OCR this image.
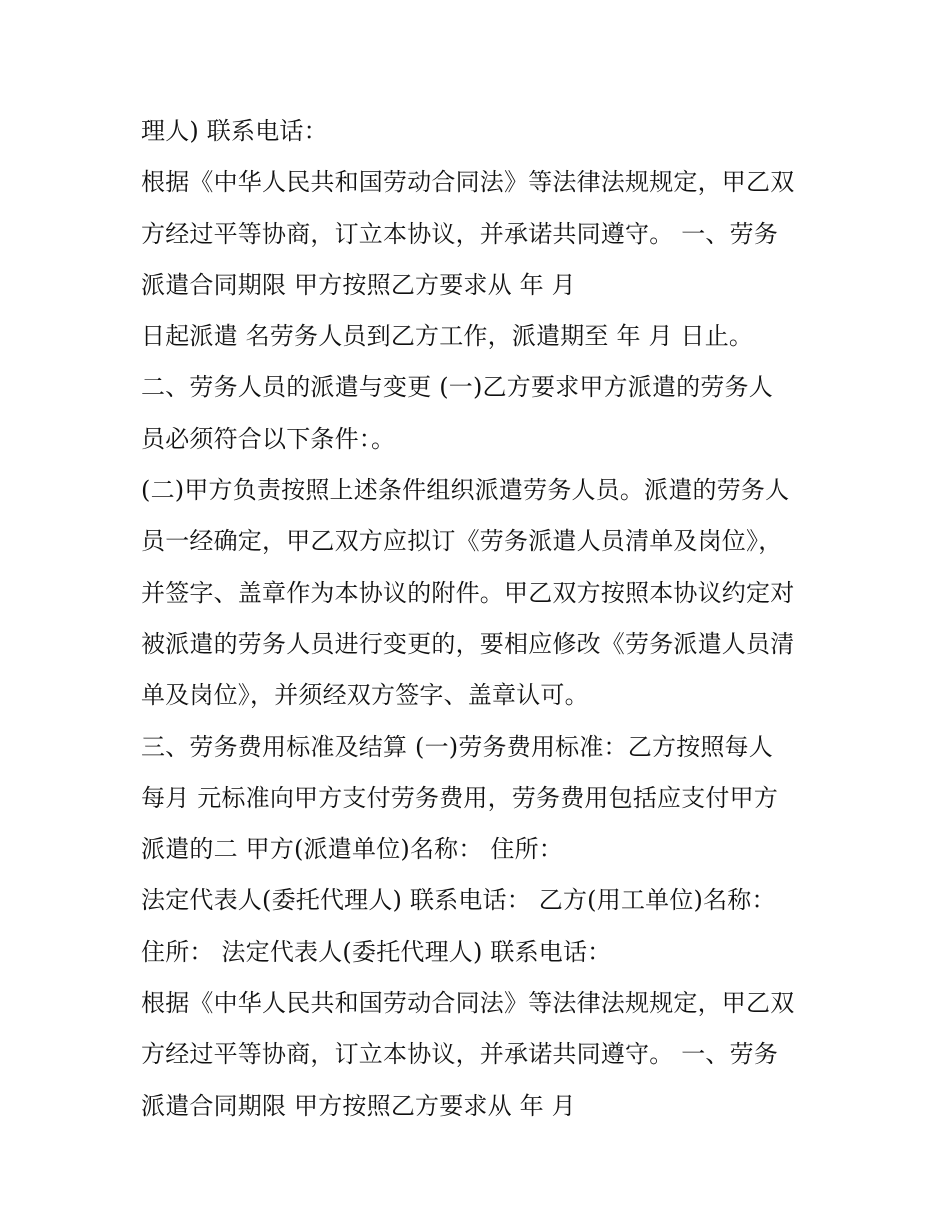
理人) 联系电话：
根据《中华人民共和国劳动合同法》等法律法规规定，甲乙双
方经过平等协商，订立本协议，并承诺共同遵守。 一、劳务
派遣合同期限 甲方按照乙方要求从 年 月
日起派遣 名劳务人员到乙方工作，派遣期至 年 月 日止。
二、劳务人员的派遣与变更 (一)乙方要求甲方派遣的劳务人
员必须符合以下条件：。
(二)甲方负责按照上述条件组织派遣劳务人员。派遣的劳务人
员一经确定，甲乙双方应拟订《劳务派遣人员清单及岗位》，
并签字、盖章作为本协议的附件。甲乙双方按照本协议约定对
被派遣的劳务人员进行变更的，要相应修改《劳务派遣人员清
单及岗位》，并须经双方签字、盖章认可。
三、劳务费用标准及结算 (一)劳务费用标准：乙方按照每人
每月 元标准向甲方支付劳务费用，劳务费用包括应支付甲方
派遣的二 甲方(派遣单位)名称： 住所：
法定代表人(委托代理人) 联系电话： 乙方(用工单位)名称：
住所： 法定代表人(委托代理人) 联系电话：
根据《中华人民共和国劳动合同法》等法律法规规定，甲乙双
方经过平等协商，订立本协议，并承诺共同遵守。 一、劳务
派遣合同期限 甲方按照乙方要求从 年 月
